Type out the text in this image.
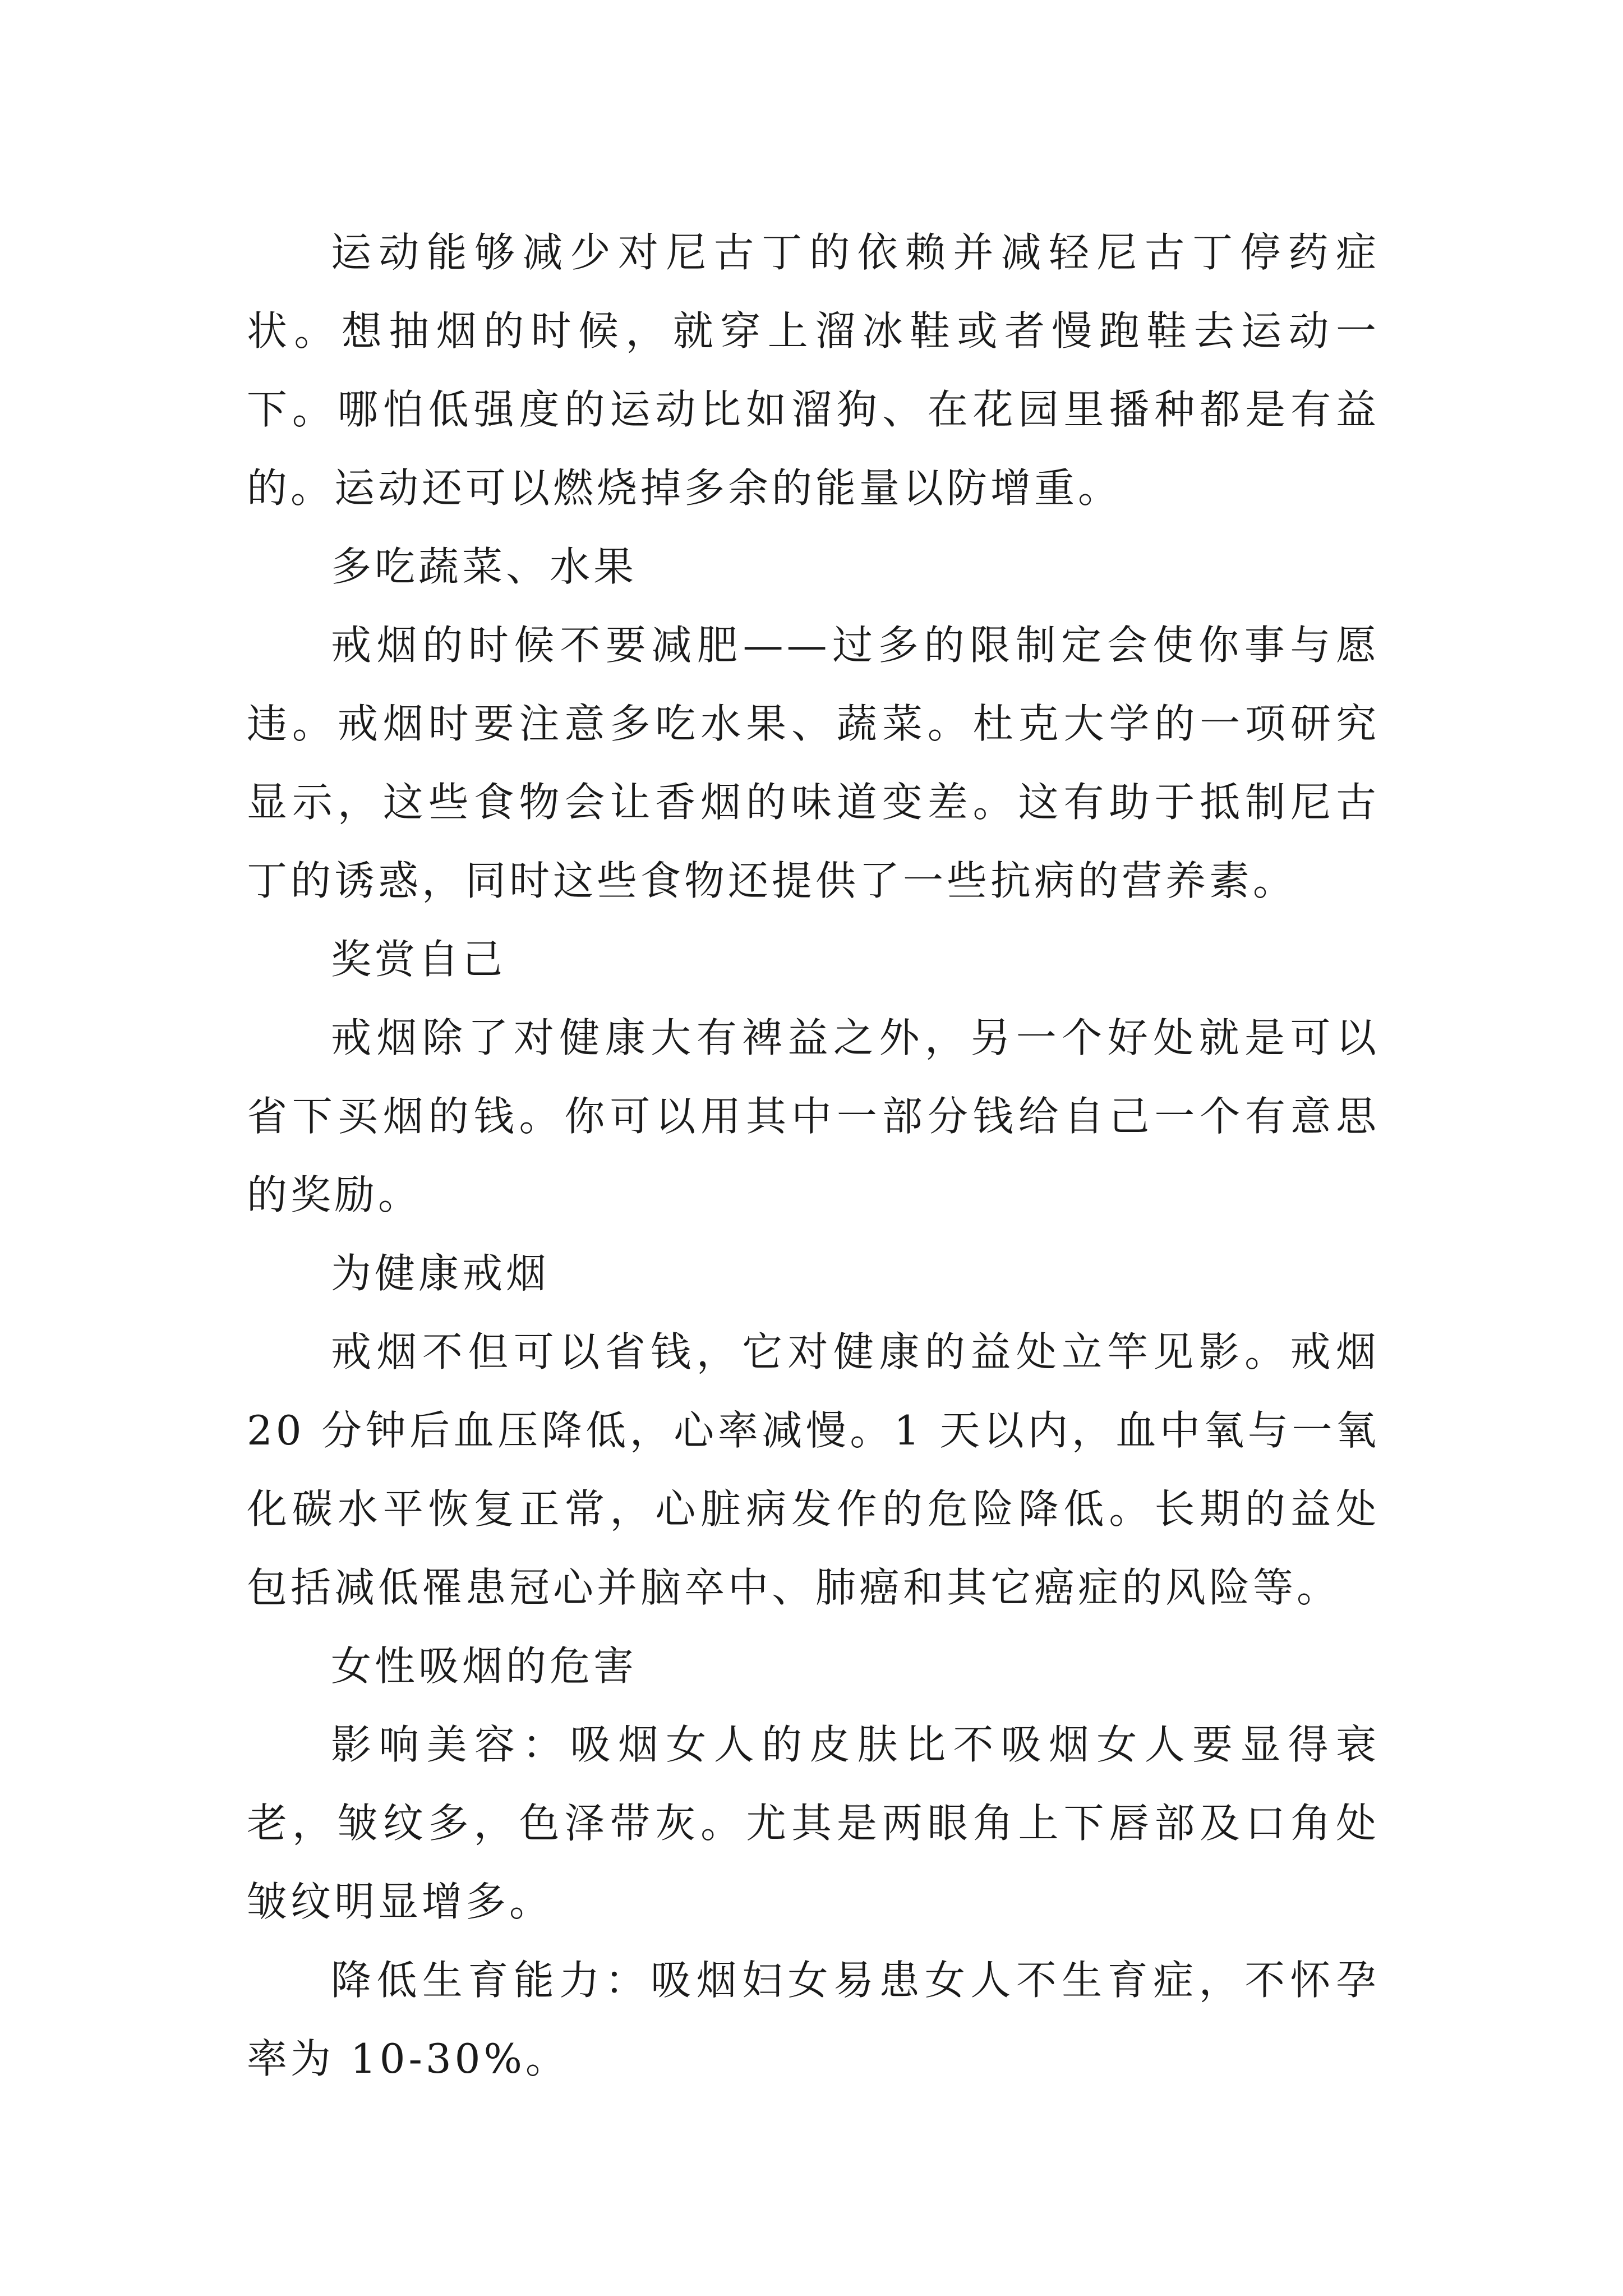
运动能够减少对尼古丁的依赖并减轻尼古丁停药症状。想抽烟的时候，就穿上溜冰鞋或者慢跑鞋去运动一下。哪怕低强度的运动比如溜狗、在花园里播种都是有益的。运动还可以燃烧掉多余的能量以防增重。

多吃蔬菜、水果

戒烟的时候不要减肥——过多的限制定会使你事与愿违。戒烟时要注意多吃水果、蔬菜。杜克大学的一项研究显示，这些食物会让香烟的味道变差。这有助于抵制尼古丁的诱惑，同时这些食物还提供了一些抗病的营养素。

奖赏自己

戒烟除了对健康大有裨益之外，另一个好处就是可以省下买烟的钱。你可以用其中一部分钱给自己一个有意思的奖励。

为健康戒烟

戒烟不但可以省钱，它对健康的益处立竿见影。戒烟 20 分钟后血压降低，心率减慢。1 天以内，血中氧与一氧化碳水平恢复正常，心脏病发作的危险降低。长期的益处包括减低罹患冠心并脑卒中、肺癌和其它癌症的风险等。

女性吸烟的危害

影响美容：吸烟女人的皮肤比不吸烟女人要显得衰老，皱纹多，色泽带灰。尤其是两眼角上下唇部及口角处皱纹明显增多。

降低生育能力：吸烟妇女易患女人不生育症，不怀孕率为 10-30%。
